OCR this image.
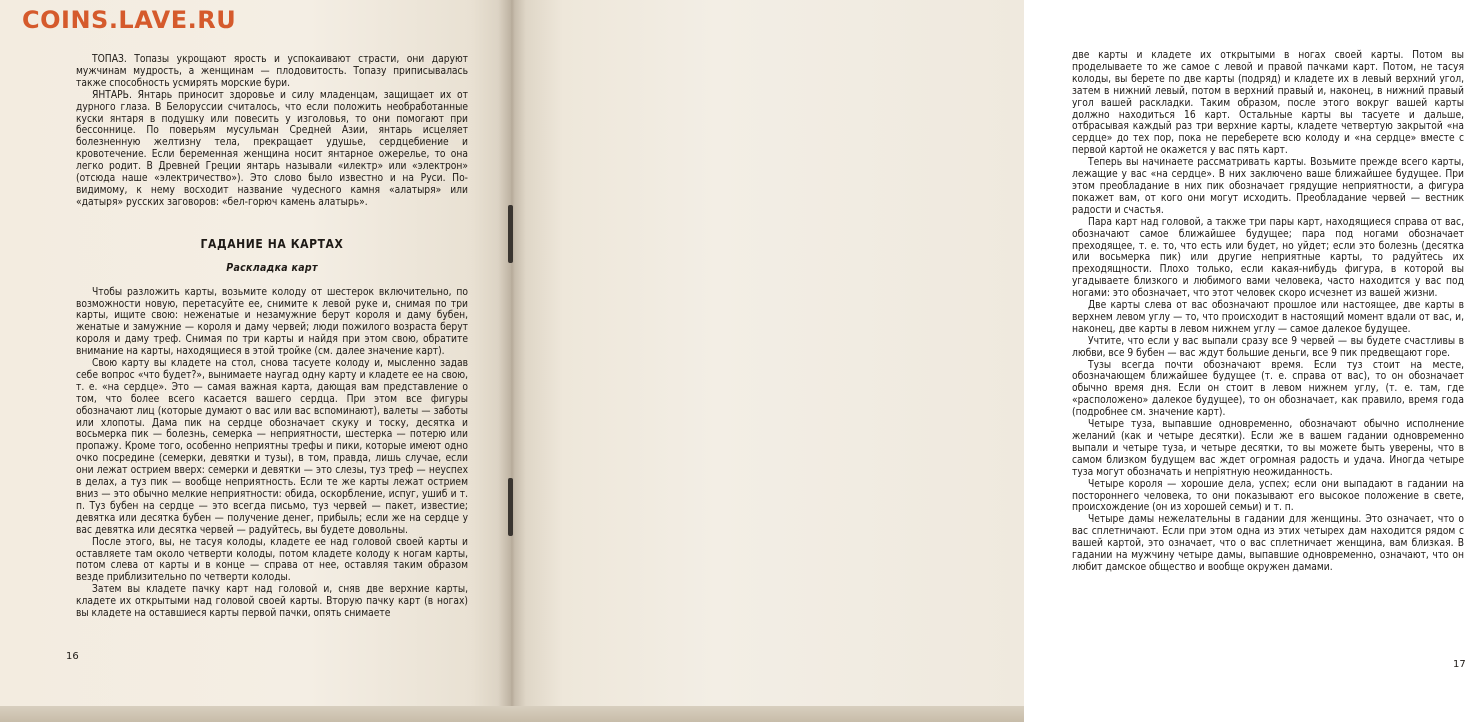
ТОПАЗ. Топазы укрощают ярость и успокаивают страсти, они даруют мужчинам мудрость, а женщинам — плодовитость. Топазу приписывалась также способность усмирять морские бури.

ЯНТАРЬ. Янтарь приносит здоровье и силу младенцам, защищает их от дурного глаза. В Белоруссии считалось, что если положить необработанные куски янтаря в подушку или повесить у изголовья, то они помогают при бессоннице. По поверьям мусульман Средней Азии, янтарь исцеляет болезненную желтизну тела, прекращает удушье, сердцебиение и кровотечение. Если беременная женщина носит янтарное ожерелье, то она легко родит. В Древней Греции янтарь называли «илектр» или «электрон» (отсюда наше «электричество»). Это слово было известно и на Руси. По-видимому, к нему восходит название чудесного камня «алатыря» или «датыря» русских заговоров: «бел-горюч камень алатырь».

ГАДАНИЕ НА КАРТАХ

Раскладка карт

Чтобы разложить карты, возьмите колоду от шестерок включительно, по возможности новую, перетасуйте ее, снимите к левой руке и, снимая по три карты, ищите свою: неженатые и незамужние берут короля и даму бубен, женатые и замужние — короля и даму червей; люди пожилого возраста берут короля и даму треф. Снимая по три карты и найдя при этом свою, обратите внимание на карты, находящиеся в этой тройке (см. далее значение карт).

Свою карту вы кладете на стол, снова тасуете колоду и, мысленно задав себе вопрос «что будет?», вынимаете наугад одну карту и кладете ее на свою, т. е. «на сердце». Это — самая важная карта, дающая вам представление о том, что более всего касается вашего сердца. При этом все фигуры обозначают лиц (которые думают о вас или вас вспоминают), валеты — заботы или хлопоты. Дама пик на сердце обозначает скуку и тоску, десятка и восьмерка пик — болезнь, семерка — неприятности, шестерка — потерю или пропажу. Кроме того, особенно неприятны трефы и пики, которые имеют одно очко посредине (семерки, девятки и тузы), в том, правда, лишь случае, если они лежат острием вверх: семерки и девятки — это слезы, туз треф — неуспех в делах, а туз пик — вообще неприятность. Если те же карты лежат острием вниз — это обычно мелкие неприятности: обида, оскорбление, испуг, ушиб и т. п. Туз бубен на сердце — это всегда письмо, туз червей — пакет, известие; девятка или десятка бубен — получение денег, прибыль; если же на сердце у вас девятка или десятка червей — радуйтесь, вы будете довольны.

После этого, вы, не тасуя колоды, кладете ее над головой своей карты и оставляете там около четверти колоды, потом кладете колоду к ногам карты, потом слева от карты и в конце — справа от нее, оставляя таким образом везде приблизительно по четверти колоды.

Затем вы кладете пачку карт над головой и, сняв две верхние карты, кладете их открытыми над головой своей карты. Вторую пачку карт (в ногах) вы кладете на оставшиеся карты первой пачки, опять снимаете

16

две карты и кладете их открытыми в ногах своей карты. Потом вы проделываете то же самое с левой и правой пачками карт. Потом, не тасуя колоды, вы берете по две карты (подряд) и кладете их в левый верхний угол, затем в нижний левый, потом в верхний правый и, наконец, в нижний правый угол вашей раскладки. Таким образом, после этого вокруг вашей карты должно находиться 16 карт. Остальные карты вы тасуете и дальше, отбрасывая каждый раз три верхние карты, кладете четвертую закрытой «на сердце» до тех пор, пока не переберете всю колоду и «на сердце» вместе с первой картой не окажется у вас пять карт.

Теперь вы начинаете рассматривать карты. Возьмите прежде всего карты, лежащие у вас «на сердце». В них заключено ваше ближайшее будущее. При этом преобладание в них пик обозначает грядущие неприятности, а фигура покажет вам, от кого они могут исходить. Преобладание червей — вестник радости и счастья.

Пара карт над головой, а также три пары карт, находящиеся справа от вас, обозначают самое ближайшее будущее; пара под ногами обозначает преходящее, т. е. то, что есть или будет, но уйдет; если это болезнь (десятка или восьмерка пик) или другие неприятные карты, то радуйтесь их преходящности. Плохо только, если какая-нибудь фигура, в которой вы угадываете близкого и любимого вами человека, часто находится у вас под ногами: это обозначает, что этот человек скоро исчезнет из вашей жизни.

Две карты слева от вас обозначают прошлое или настоящее, две карты в верхнем левом углу — то, что происходит в настоящий момент вдали от вас, и, наконец, две карты в левом нижнем углу — самое далекое будущее.

Учтите, что если у вас выпали сразу все 9 червей — вы будете счастливы в любви, все 9 бубен — вас ждут большие деньги, все 9 пик предвещают горе.

Тузы всегда почти обозначают время. Если туз стоит на месте, обозначающем ближайшее будущее (т. е. справа от вас), то он обозначает обычно время дня. Если он стоит в левом нижнем углу, (т. е. там, где «расположено» далекое будущее), то он обозначает, как правило, время года (подробнее см. значение карт).

Четыре туза, выпавшие одновременно, обозначают обычно исполнение желаний (как и четыре десятки). Если же в вашем гадании одновременно выпали и четыре туза, и четыре десятки, то вы можете быть уверены, что в самом близком будущем вас ждет огромная радость и удача. Иногда четыре туза могут обозначать и непріятную неожиданность.

Четыре короля — хорошие дела, успех; если они выпадают в гадании на постороннего человека, то они показывают его высокое положение в свете, происхождение (он из хорошей семьи) и т. п.

Четыре дамы нежелательны в гадании для женщины. Это означает, что о вас сплетничают. Если при этом одна из этих четырех дам находится рядом с вашей картой, это означает, что о вас сплетничает женщина, вам близкая. В гадании на мужчину четыре дамы, выпавшие одновременно, означают, что он любит дамское общество и вообще окружен дамами.

17
COINS.LAVE.RU
